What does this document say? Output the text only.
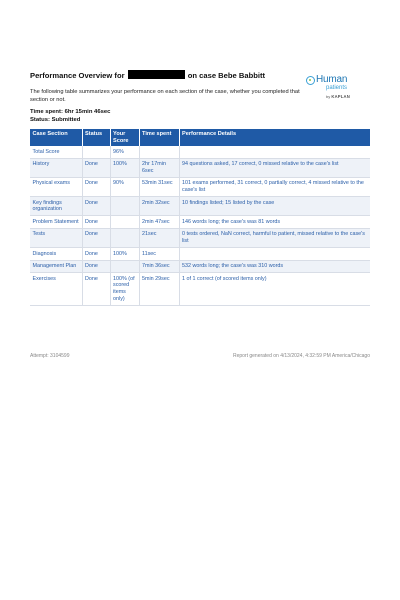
Performance Overview for	on case Bebe Babbitt	Human
patients
by KAPLAN
The following table summarizes your performance on each section of the case, whether you completed that section or not.
Time spent: 6hr 15min 46sec
Status: Submitted
Case Section	Status	Your Score	Time spent	Performance Details
Total Score		96%		
History	Done	100%	2hr 17min 6sec	94 questions asked, 17 correct, 0 missed relative to the case's list
Physical exams	Done	90%	53min 31sec	101 exams performed, 31 correct, 0 partially correct, 4 missed relative to the case's list
Key findings organization	Done		2min 32sec	10 findings listed; 15 listed by the case
Problem Statement	Done		2min 47sec	146 words long; the case's was 81 words
Tests	Done		21sec	0 tests ordered, NaN correct, harmful to patient, missed relative to the case's list
Diagnosis	Done	100%	11sec	
Management Plan	Done		7min 36sec	532 words long; the case's was 310 words
Exercises	Done	100% (of scored items only)	5min 29sec	1 of 1 correct (of scored items only)
Attempt: 3104599	Report generated on 4/13/2024, 4:32:59 PM America/Chicago
